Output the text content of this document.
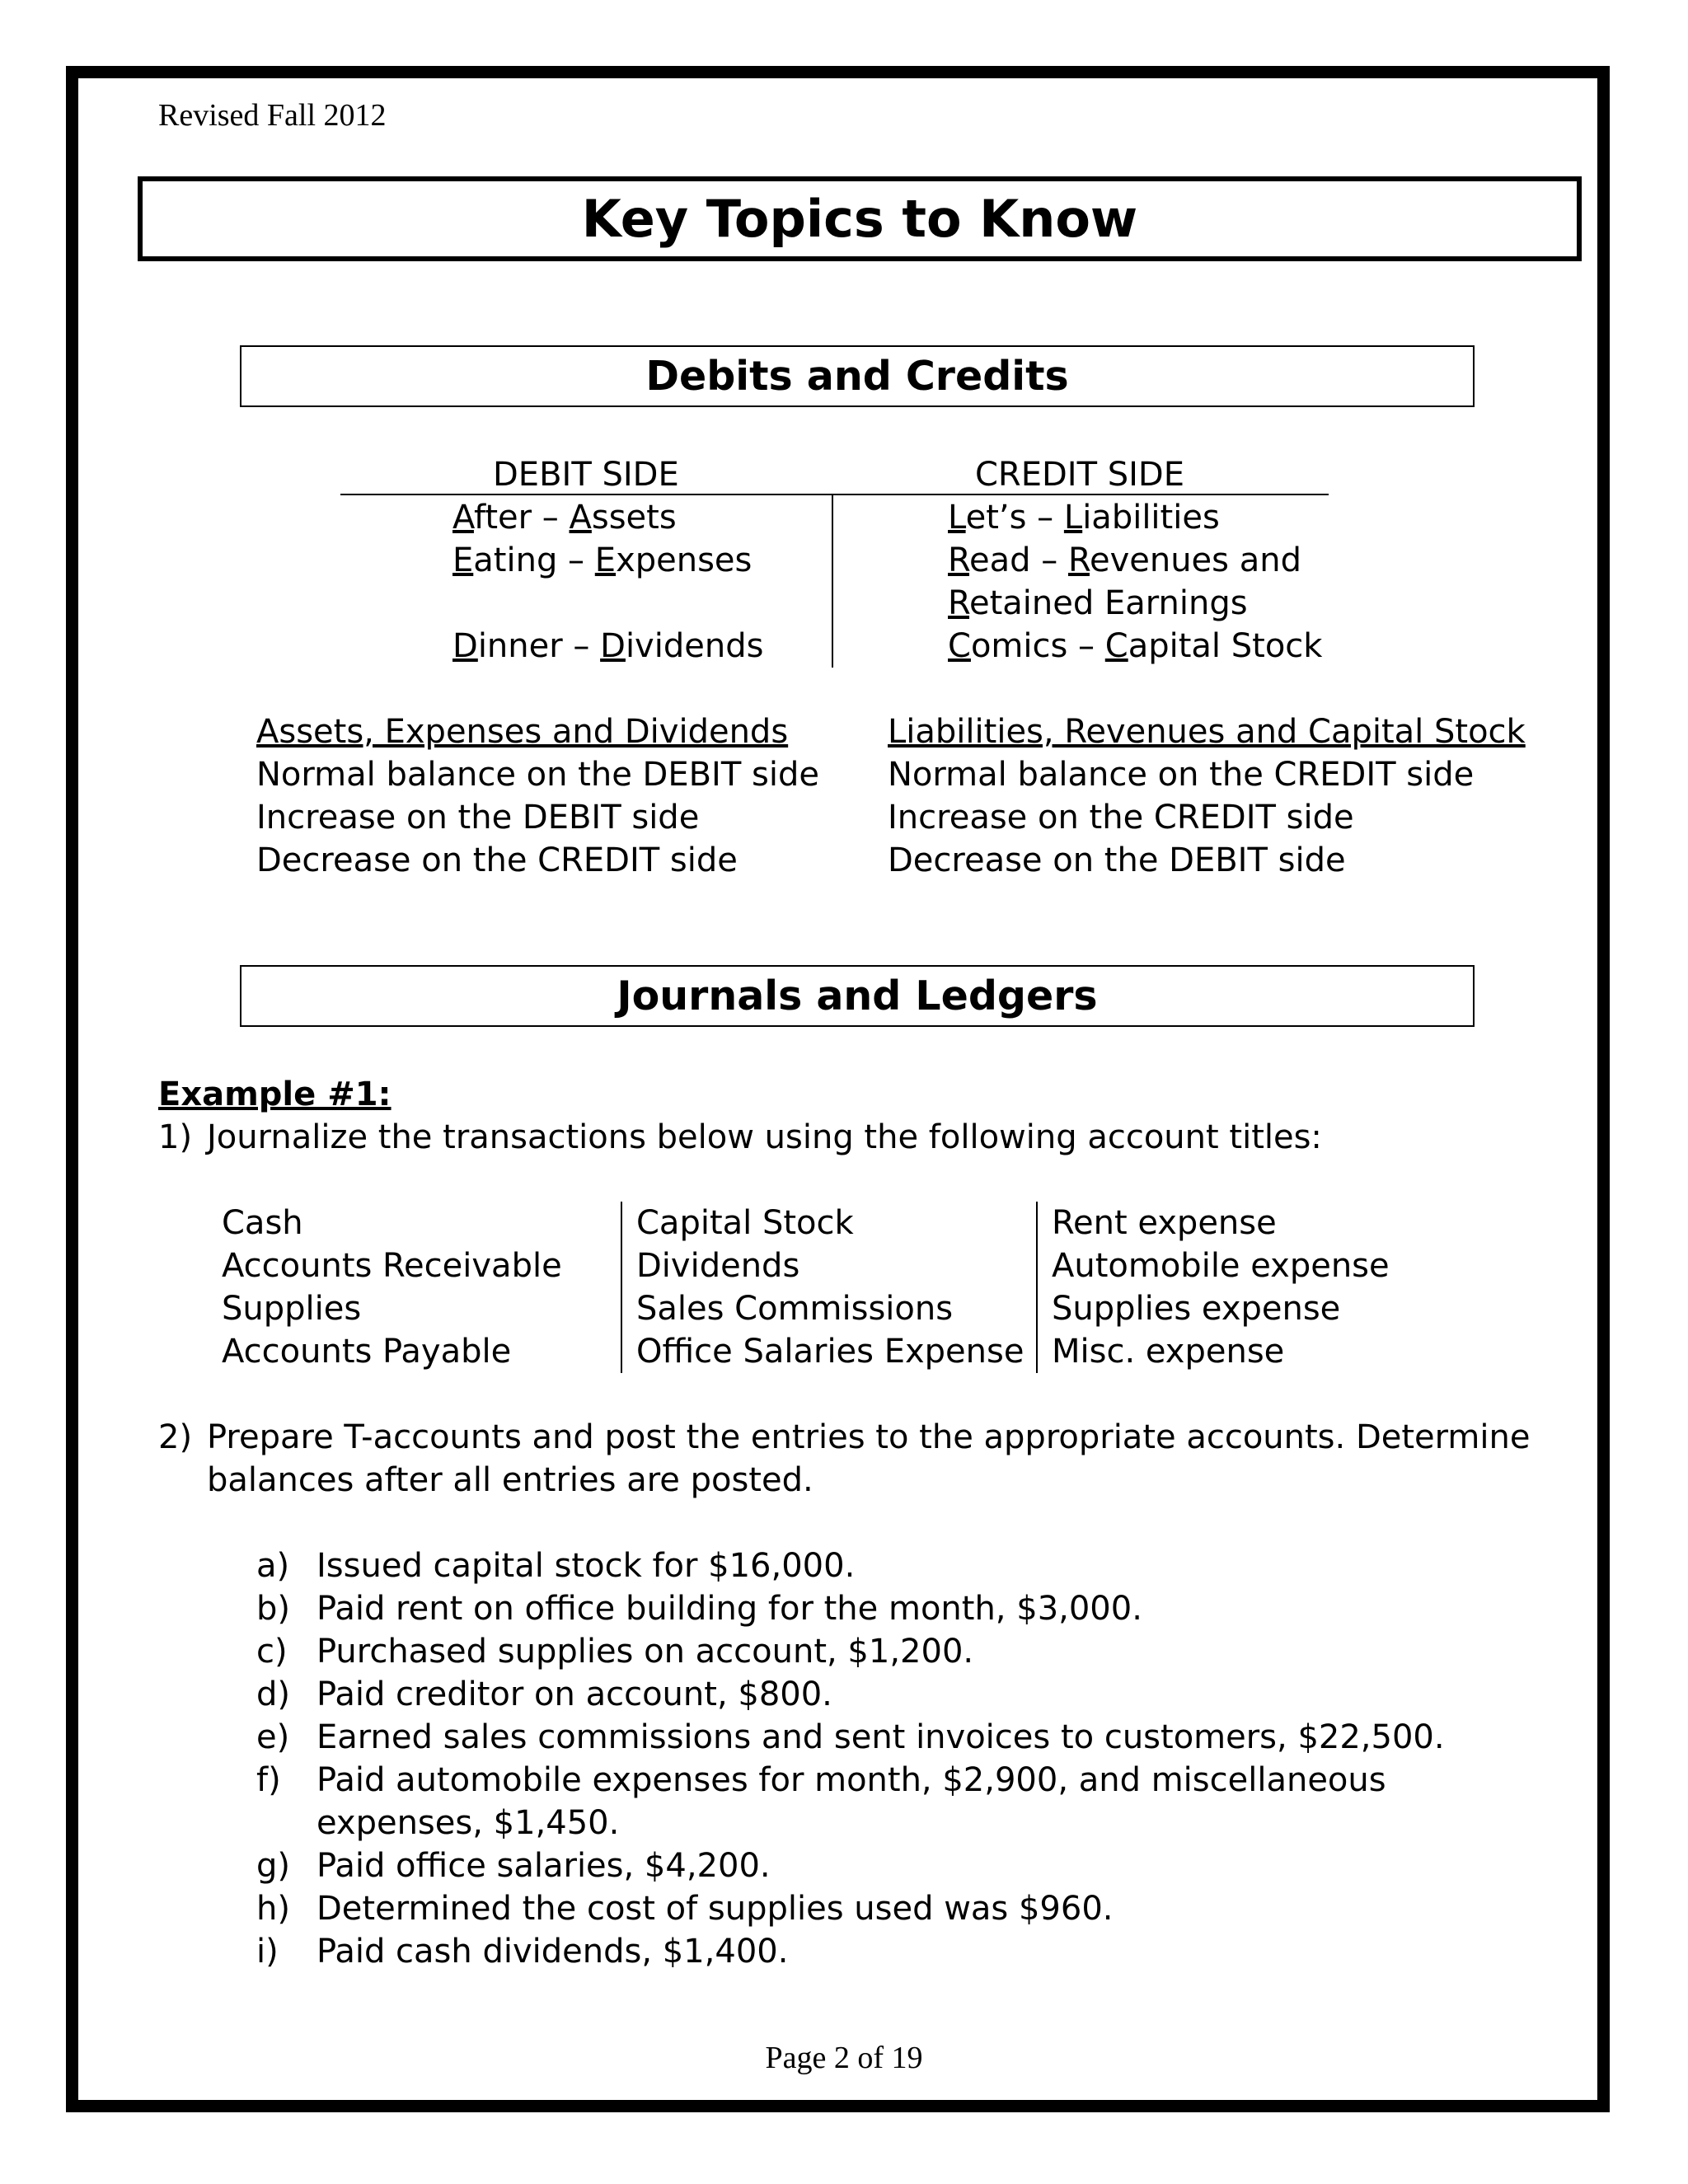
Revised Fall 2012
Key Topics to Know
Debits and Credits
DEBIT SIDE	CREDIT SIDE
After – Assets
Eating – Expenses
Dinner – Dividends
Let’s – Liabilities
Read – Revenues and
Retained Earnings
Comics – Capital Stock
Assets, Expenses and Dividends
Normal balance on the DEBIT side
Increase on the DEBIT side
Decrease on the CREDIT side
Liabilities, Revenues and Capital Stock
Normal balance on the CREDIT side
Increase on the CREDIT side
Decrease on the DEBIT side
Journals and Ledgers
Example #1:
1) Journalize the transactions below using the following account titles:
Cash
Accounts Receivable
Supplies
Accounts Payable
Capital Stock
Dividends
Sales Commissions
Office Salaries Expense
Rent expense
Automobile expense
Supplies expense
Misc. expense
2) Prepare T-accounts and post the entries to the appropriate accounts. Determine
balances after all entries are posted.
a) Issued capital stock for $16,000.
b) Paid rent on office building for the month, $3,000.
c) Purchased supplies on account, $1,200.
d) Paid creditor on account, $800.
e) Earned sales commissions and sent invoices to customers, $22,500.
f) Paid automobile expenses for month, $2,900, and miscellaneous
expenses, $1,450.
g) Paid office salaries, $4,200.
h) Determined the cost of supplies used was $960.
i) Paid cash dividends, $1,400.
Page 2 of 19
